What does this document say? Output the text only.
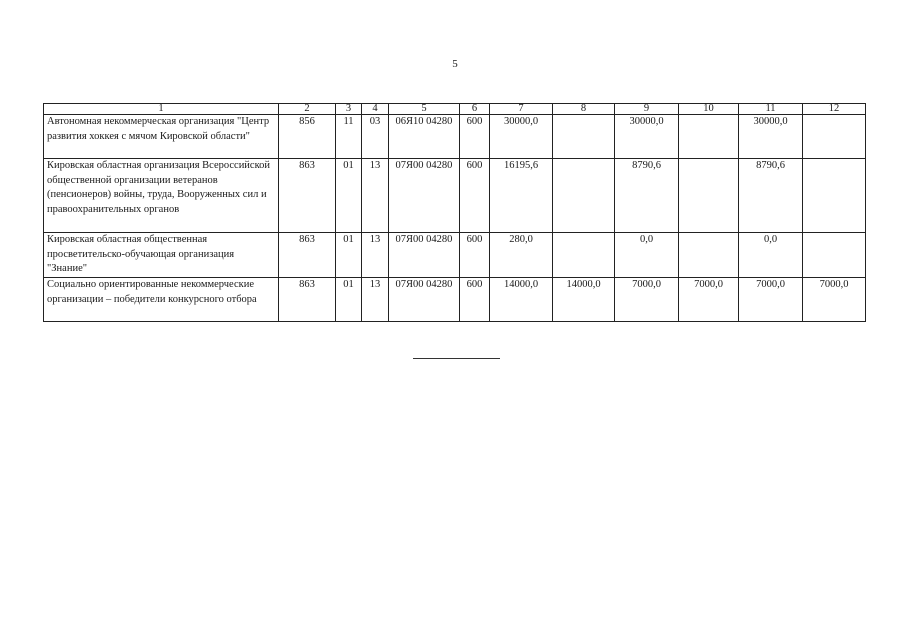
5
1	2	3	4	5	6	7	8	9	10	11	12
Автономная некоммерческая организация "Центр развития хоккея с мячом Кировской области"	856	11	03	06Я10 04280	600	30000,0		30000,0		30000,0	
Кировская областная организация Всероссийской общественной организации ветеранов (пенсионеров) войны, труда, Вооруженных сил и правоохранительных органов	863	01	13	07Я00 04280	600	16195,6		8790,6		8790,6	
Кировская областная общественная просветительско-обучающая организация "Знание"	863	01	13	07Я00 04280	600	280,0		0,0		0,0	
Социально ориентированные некоммерческие организации – победители конкурсного отбора	863	01	13	07Я00 04280	600	14000,0	14000,0	7000,0	7000,0	7000,0	7000,0
